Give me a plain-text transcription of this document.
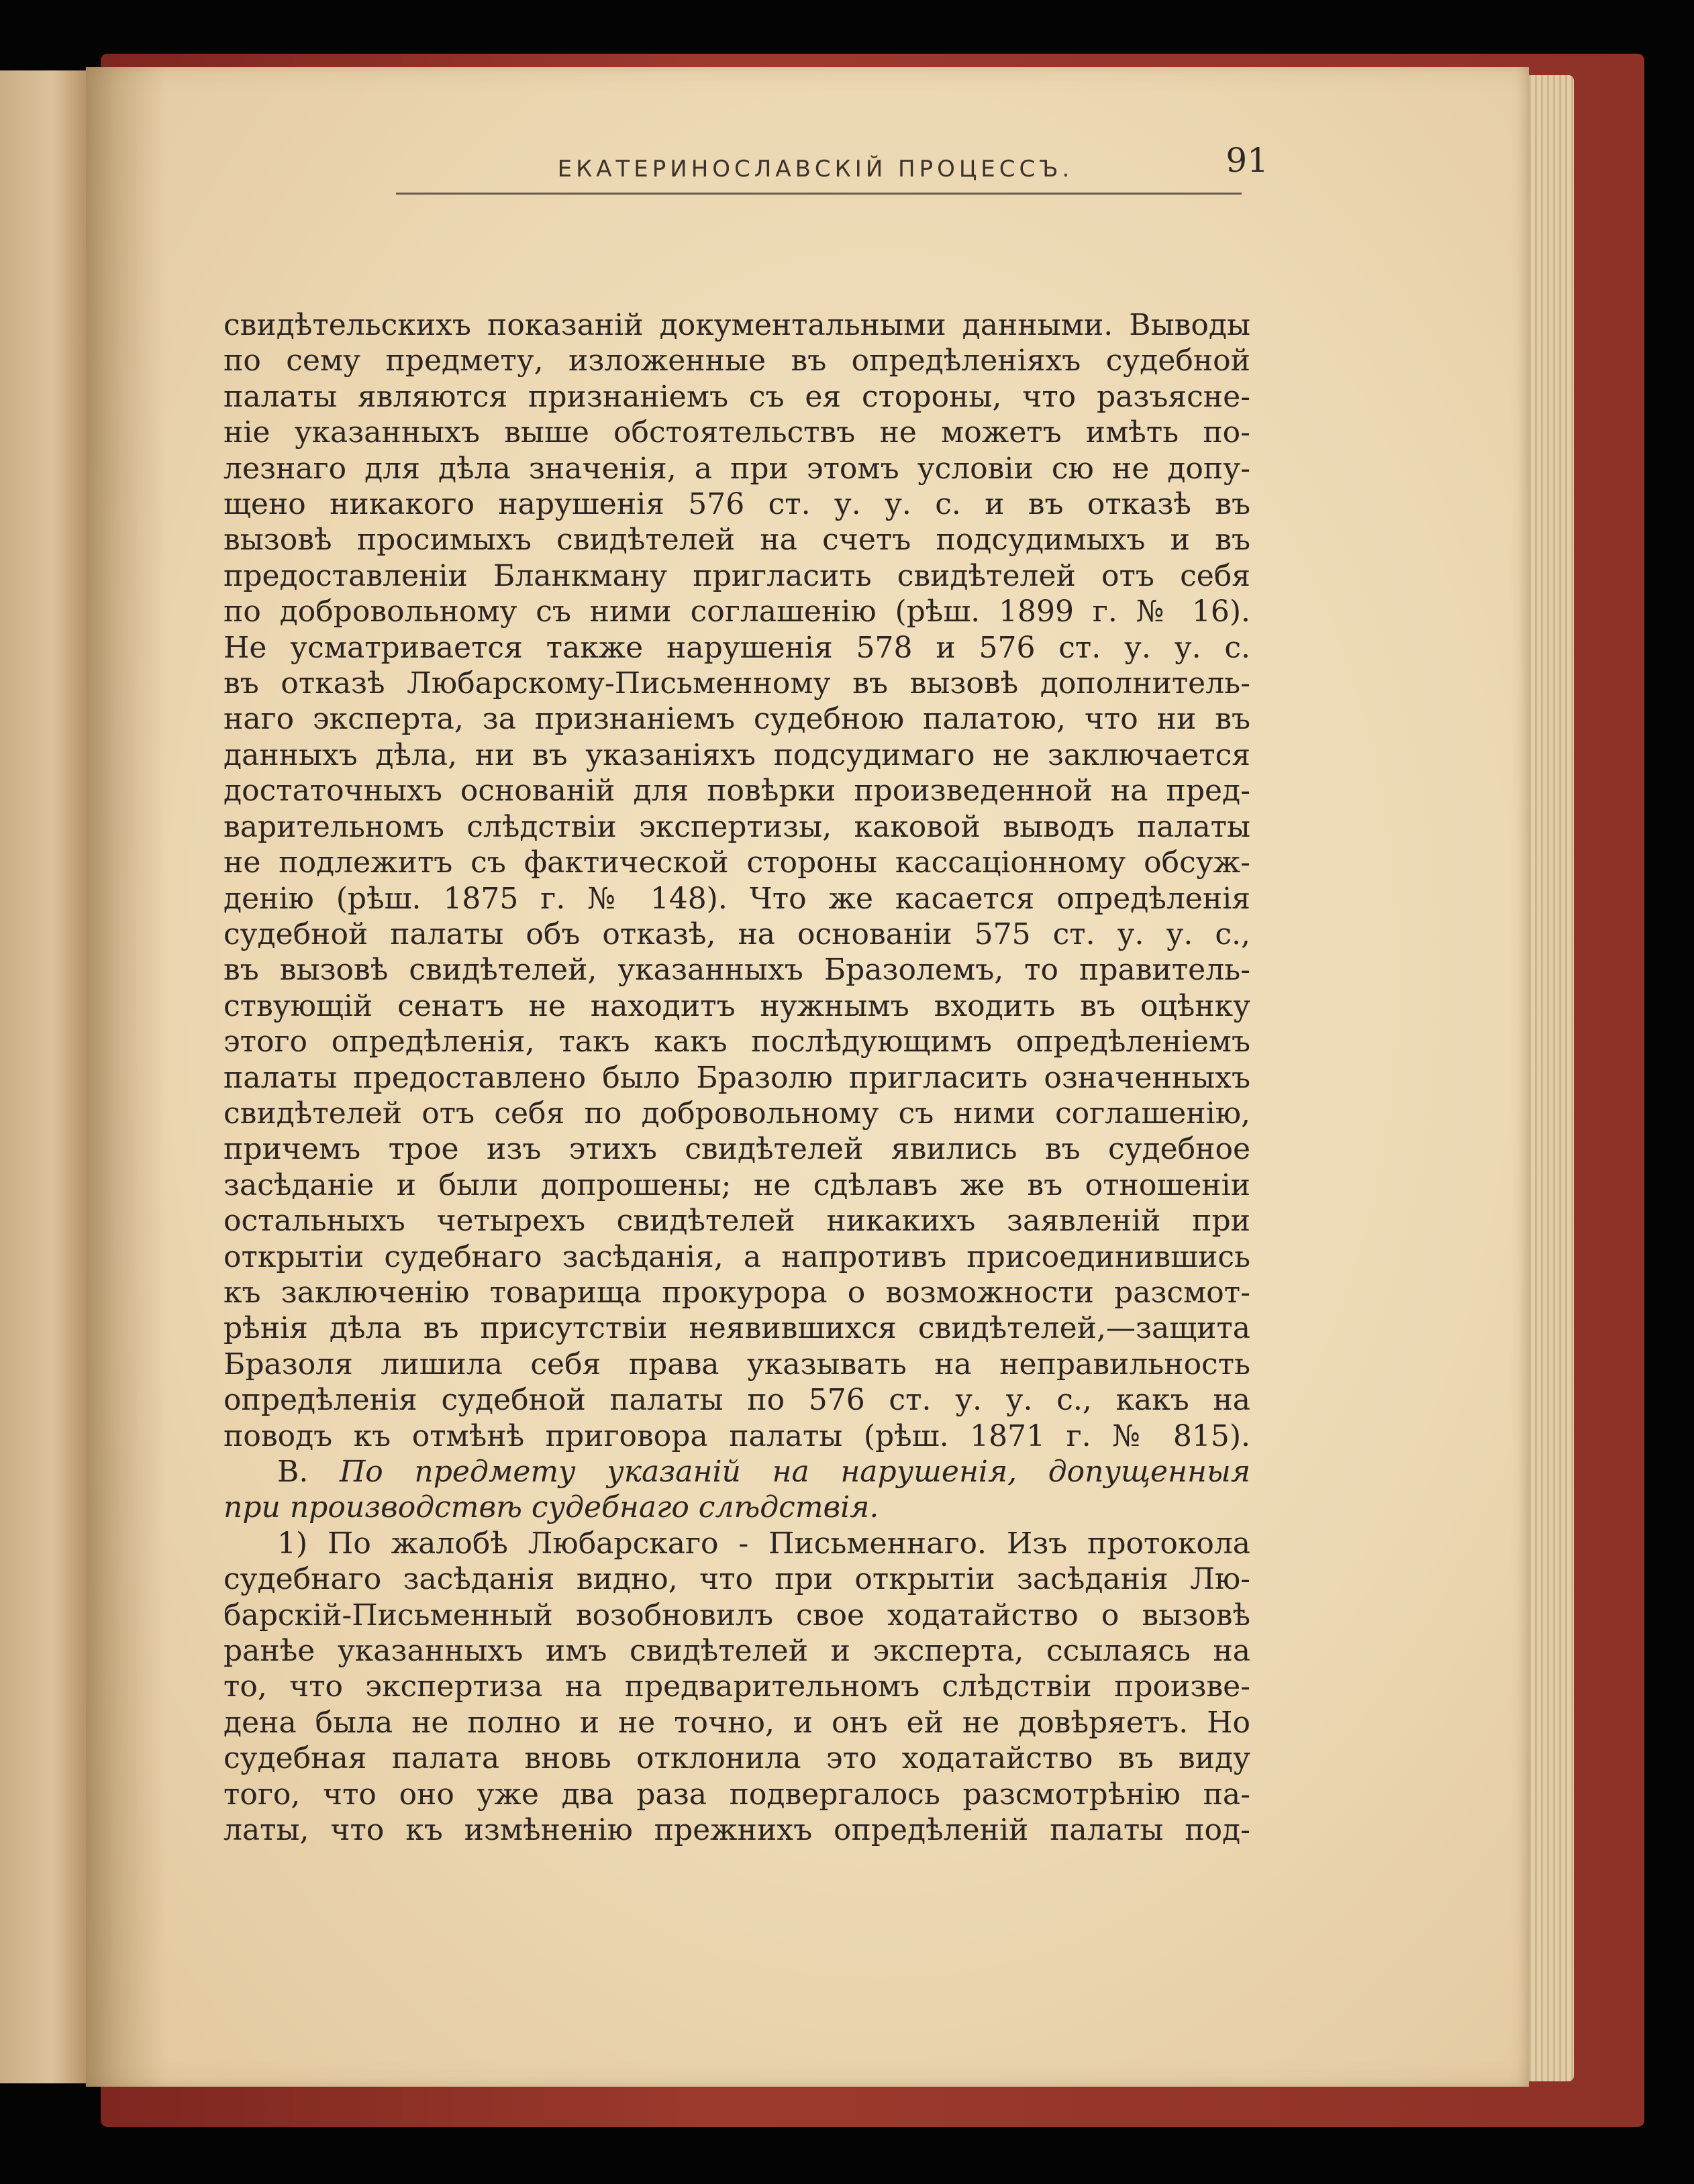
ЕКАТЕРИНОСЛАВСКІЙ ПРОЦЕССЪ.	91
свидѣтельскихъ показаній документальными данными. Выводы
по сему предмету, изложенные въ опредѣленіяхъ судебной
палаты являются признаніемъ съ ея стороны, что разъясне-
ніе указанныхъ выше обстоятельствъ не можетъ имѣть по-
лезнаго для дѣла значенія, а при этомъ условіи сю не допу-
щено никакого нарушенія 576 ст. у. у. с. и въ отказѣ въ
вызовѣ просимыхъ свидѣтелей на счетъ подсудимыхъ и въ
предоставленіи Бланкману пригласить свидѣтелей отъ себя
по добровольному съ ними соглашенію (рѣш. 1899 г. № 16).
Не усматривается также нарушенія 578 и 576 ст. у. у. с.
въ отказѣ Любарскому-Письменному въ вызовѣ дополнитель-
наго эксперта, за признаніемъ судебною палатою, что ни въ
данныхъ дѣла, ни въ указаніяхъ подсудимаго не заключается
достаточныхъ основаній для повѣрки произведенной на пред-
варительномъ слѣдствіи экспертизы, каковой выводъ палаты
не подлежитъ съ фактической стороны кассаціонному обсуж-
денію (рѣш. 1875 г. № 148). Что же касается опредѣленія
судебной палаты объ отказѣ, на основаніи 575 ст. у. у. с.,
въ вызовѣ свидѣтелей, указанныхъ Бразолемъ, то правитель-
ствующій сенатъ не находитъ нужнымъ входить въ оцѣнку
этого опредѣленія, такъ какъ послѣдующимъ опредѣленіемъ
палаты предоставлено было Бразолю пригласить означенныхъ
свидѣтелей отъ себя по добровольному съ ними соглашенію,
причемъ трое изъ этихъ свидѣтелей явились въ судебное
засѣданіе и были допрошены; не сдѣлавъ же въ отношеніи
остальныхъ четырехъ свидѣтелей никакихъ заявленій при
открытіи судебнаго засѣданія, а напротивъ присоединившись
къ заключенію товарища прокурора о возможности разсмот-
рѣнія дѣла въ присутствіи неявившихся свидѣтелей,—защита
Бразоля лишила себя права указывать на неправильность
опредѣленія судебной палаты по 576 ст. у. у. с., какъ на
поводъ къ отмѣнѣ приговора палаты (рѣш. 1871 г. № 815).
В. По предмету указаній на нарушенія, допущенныя
при производствѣ судебнаго слѣдствія.
1) По жалобѣ Любарскаго - Письменнаго. Изъ протокола
судебнаго засѣданія видно, что при открытіи засѣданія Лю-
барскій-Письменный возобновилъ свое ходатайство о вызовѣ
ранѣе указанныхъ имъ свидѣтелей и эксперта, ссылаясь на
то, что экспертиза на предварительномъ слѣдствіи произве-
дена была не полно и не точно, и онъ ей не довѣряетъ. Но
судебная палата вновь отклонила это ходатайство въ виду
того, что оно уже два раза подвергалось разсмотрѣнію па-
латы, что къ измѣненію прежнихъ опредѣленій палаты под-
